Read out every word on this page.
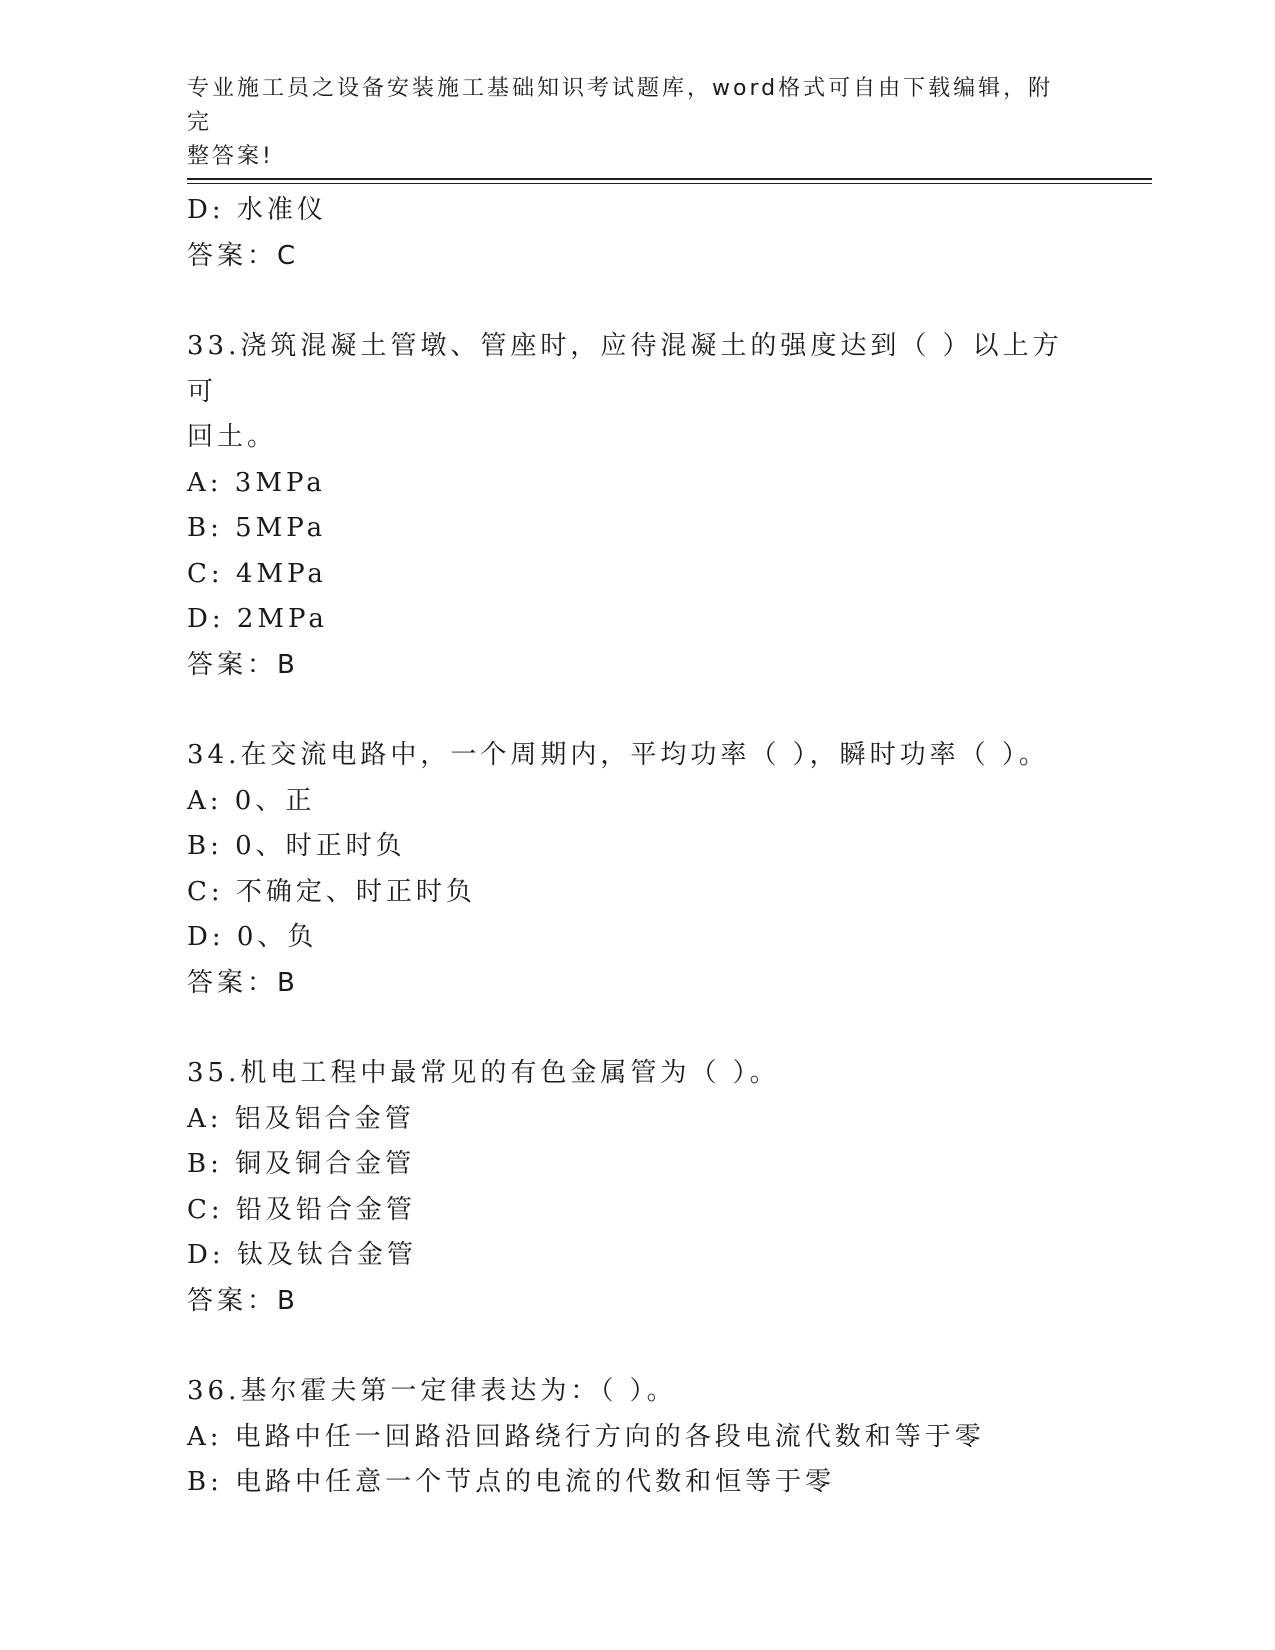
专业施工员之设备安装施工基础知识考试题库，word格式可自由下载编辑，附完
整答案!
D: 水准仪
答案：C
33.浇筑混凝土管墩、管座时，应待混凝土的强度达到（ ）以上方可
回土。
A: 3MPa
B: 5MPa
C: 4MPa
D: 2MPa
答案：B
34.在交流电路中，一个周期内，平均功率（ ），瞬时功率（ ）。
A: 0、正
B: 0、时正时负
C: 不确定、时正时负
D: 0、负
答案：B
35.机电工程中最常见的有色金属管为（ ）。
A: 铝及铝合金管
B: 铜及铜合金管
C: 铅及铅合金管
D: 钛及钛合金管
答案：B
36.基尔霍夫第一定律表达为：（ ）。
A: 电路中任一回路沿回路绕行方向的各段电流代数和等于零
B: 电路中任意一个节点的电流的代数和恒等于零
